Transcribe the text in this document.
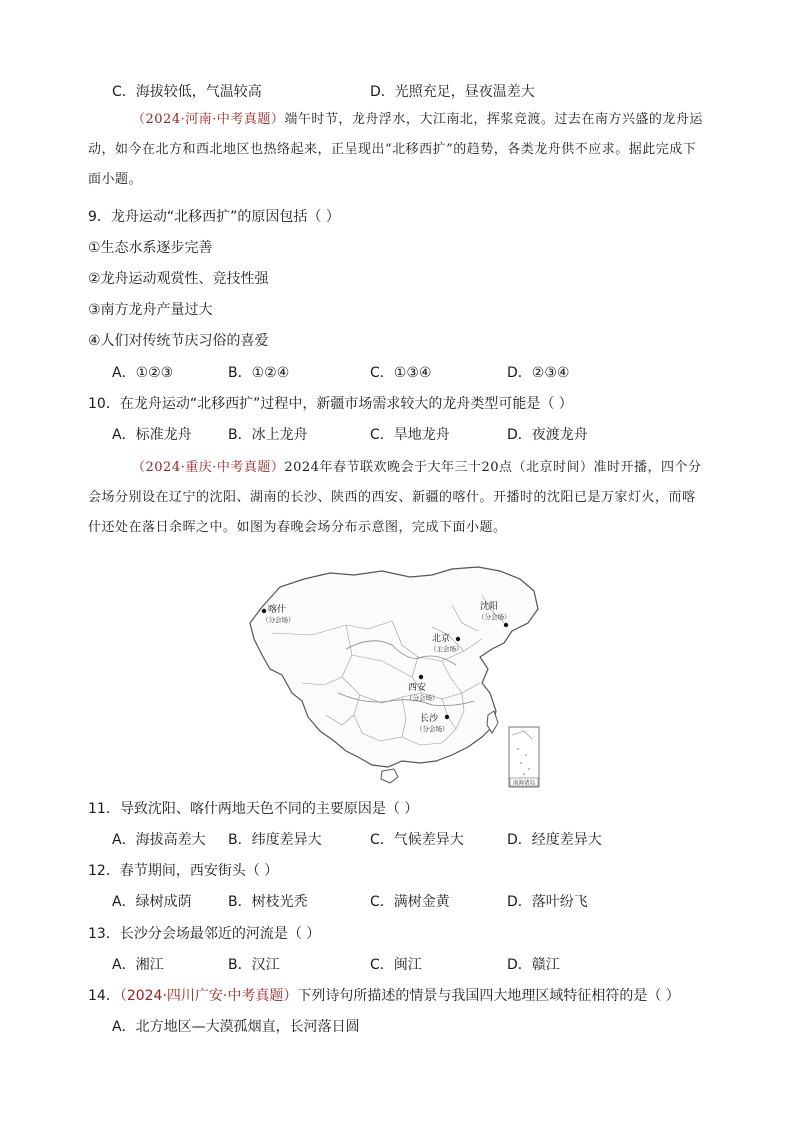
C．海拔较低，气温较高	D．光照充足，昼夜温差大
（2024·河南·中考真题）端午时节，龙舟浮水，大江南北，挥浆竞渡。过去在南方兴盛的龙舟运动，如今在北方和西北地区也热络起来，正呈现出“北移西扩”的趋势，各类龙舟供不应求。据此完成下面小题。
9．龙舟运动“北移西扩”的原因包括（ ）
①生态水系逐步完善
②龙舟运动观赏性、竞技性强
③南方龙舟产量过大
④人们对传统节庆习俗的喜爱
A．①②③	B．①②④	C．①③④	D．②③④
10．在龙舟运动“北移西扩”过程中，新疆市场需求较大的龙舟类型可能是（ ）
A．标准龙舟	B．冰上龙舟	C．旱地龙舟	D．夜渡龙舟
（2024·重庆·中考真题）2024年春节联欢晚会于大年三十20点（北京时间）准时开播，四个分会场分别设在辽宁的沈阳、湖南的长沙、陕西的西安、新疆的喀什。开播时的沈阳已是万家灯火，而喀什还处在落日余晖之中。如图为春晚会场分布示意图，完成下面小题。
南海诸岛
喀什
（分会场）
沈阳
（分会场）
北京
（主会场）
西安
（分会场）
长沙
（分会场）
11．导致沈阳、喀什两地天色不同的主要原因是（ ）
A．海拔高差大 B．纬度差异大	C．气候差异大	D．经度差异大
12．春节期间，西安街头（ ）
A．绿树成荫	B．树枝光秃	C．满树金黄	D．落叶纷飞
13．长沙分会场最邻近的河流是（ ）
A．湘江	B．汉江	C．闽江	D．赣江
14．（2024·四川广安·中考真题）下列诗句所描述的情景与我国四大地理区域特征相符的是（ ）
A．北方地区—大漠孤烟直，长河落日圆
